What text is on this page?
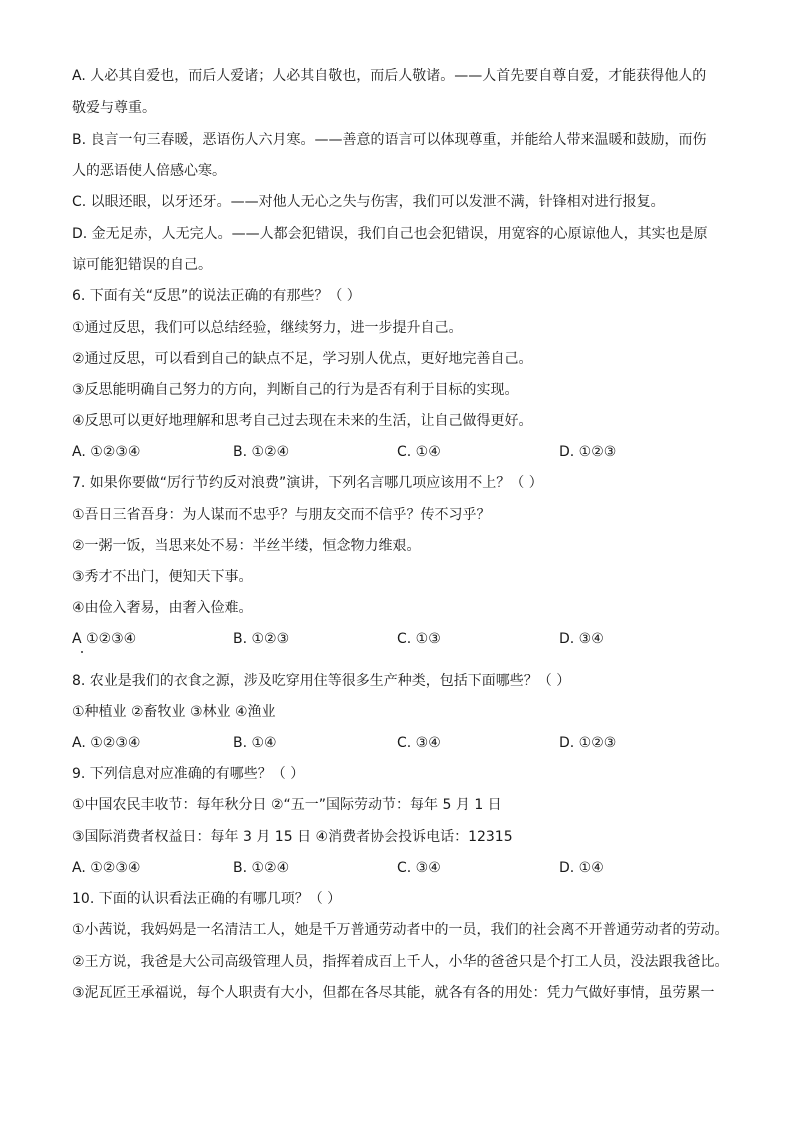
A. 人必其自爱也，而后人爱诸；人必其自敬也，而后人敬诸。——人首先要自尊自爱，才能获得他人的
敬爱与尊重。
B. 良言一句三春暖，恶语伤人六月寒。——善意的语言可以体现尊重，并能给人带来温暖和鼓励，而伤
人的恶语使人倍感心寒。
C. 以眼还眼，以牙还牙。——对他人无心之失与伤害，我们可以发泄不满，针锋相对进行报复。
D. 金无足赤，人无完人。——人都会犯错误，我们自己也会犯错误，用宽容的心原谅他人，其实也是原
谅可能犯错误的自己。
6. 下面有关“反思”的说法正确的有那些？（ ）
①通过反思，我们可以总结经验，继续努力，进一步提升自己。
②通过反思，可以看到自己的缺点不足，学习别人优点，更好地完善自己。
③反思能明确自己努力的方向，判断自己的行为是否有利于目标的实现。
④反思可以更好地理解和思考自己过去现在未来的生活，让自己做得更好。
A. ①②③④	B. ①②④	C. ①④	D. ①②③
7. 如果你要做“厉行节约反对浪费”演讲，下列名言哪几项应该用不上？（ ）
①吾日三省吾身：为人谋而不忠乎？与朋友交而不信乎？传不习乎？
②一粥一饭，当思来处不易：半丝半缕，恒念物力维艰。
③秀才不出门，便知天下事。
④由俭入奢易，由奢入俭难。
A ①②③④	B. ①②③	C. ①③	D. ③④
8. 农业是我们的衣食之源，涉及吃穿用住等很多生产种类，包括下面哪些？（ ）
①种植业 ②畜牧业 ③林业 ④渔业
A. ①②③④	B. ①④	C. ③④	D. ①②③
9. 下列信息对应准确的有哪些？（ ）
①中国农民丰收节：每年秋分日 ②“五一”国际劳动节：每年 5 月 1 日
③国际消费者权益日：每年 3 月 15 日 ④消费者协会投诉电话：12315
A. ①②③④	B. ①②④	C. ③④	D. ①④
10. 下面的认识看法正确的有哪几项？（ ）
①小茜说，我妈妈是一名清洁工人，她是千万普通劳动者中的一员，我们的社会离不开普通劳动者的劳动。
②王方说，我爸是大公司高级管理人员，指挥着成百上千人，小华的爸爸只是个打工人员，没法跟我爸比。
③泥瓦匠王承福说，每个人职责有大小，但都在各尽其能，就各有各的用处：凭力气做好事情，虽劳累一
